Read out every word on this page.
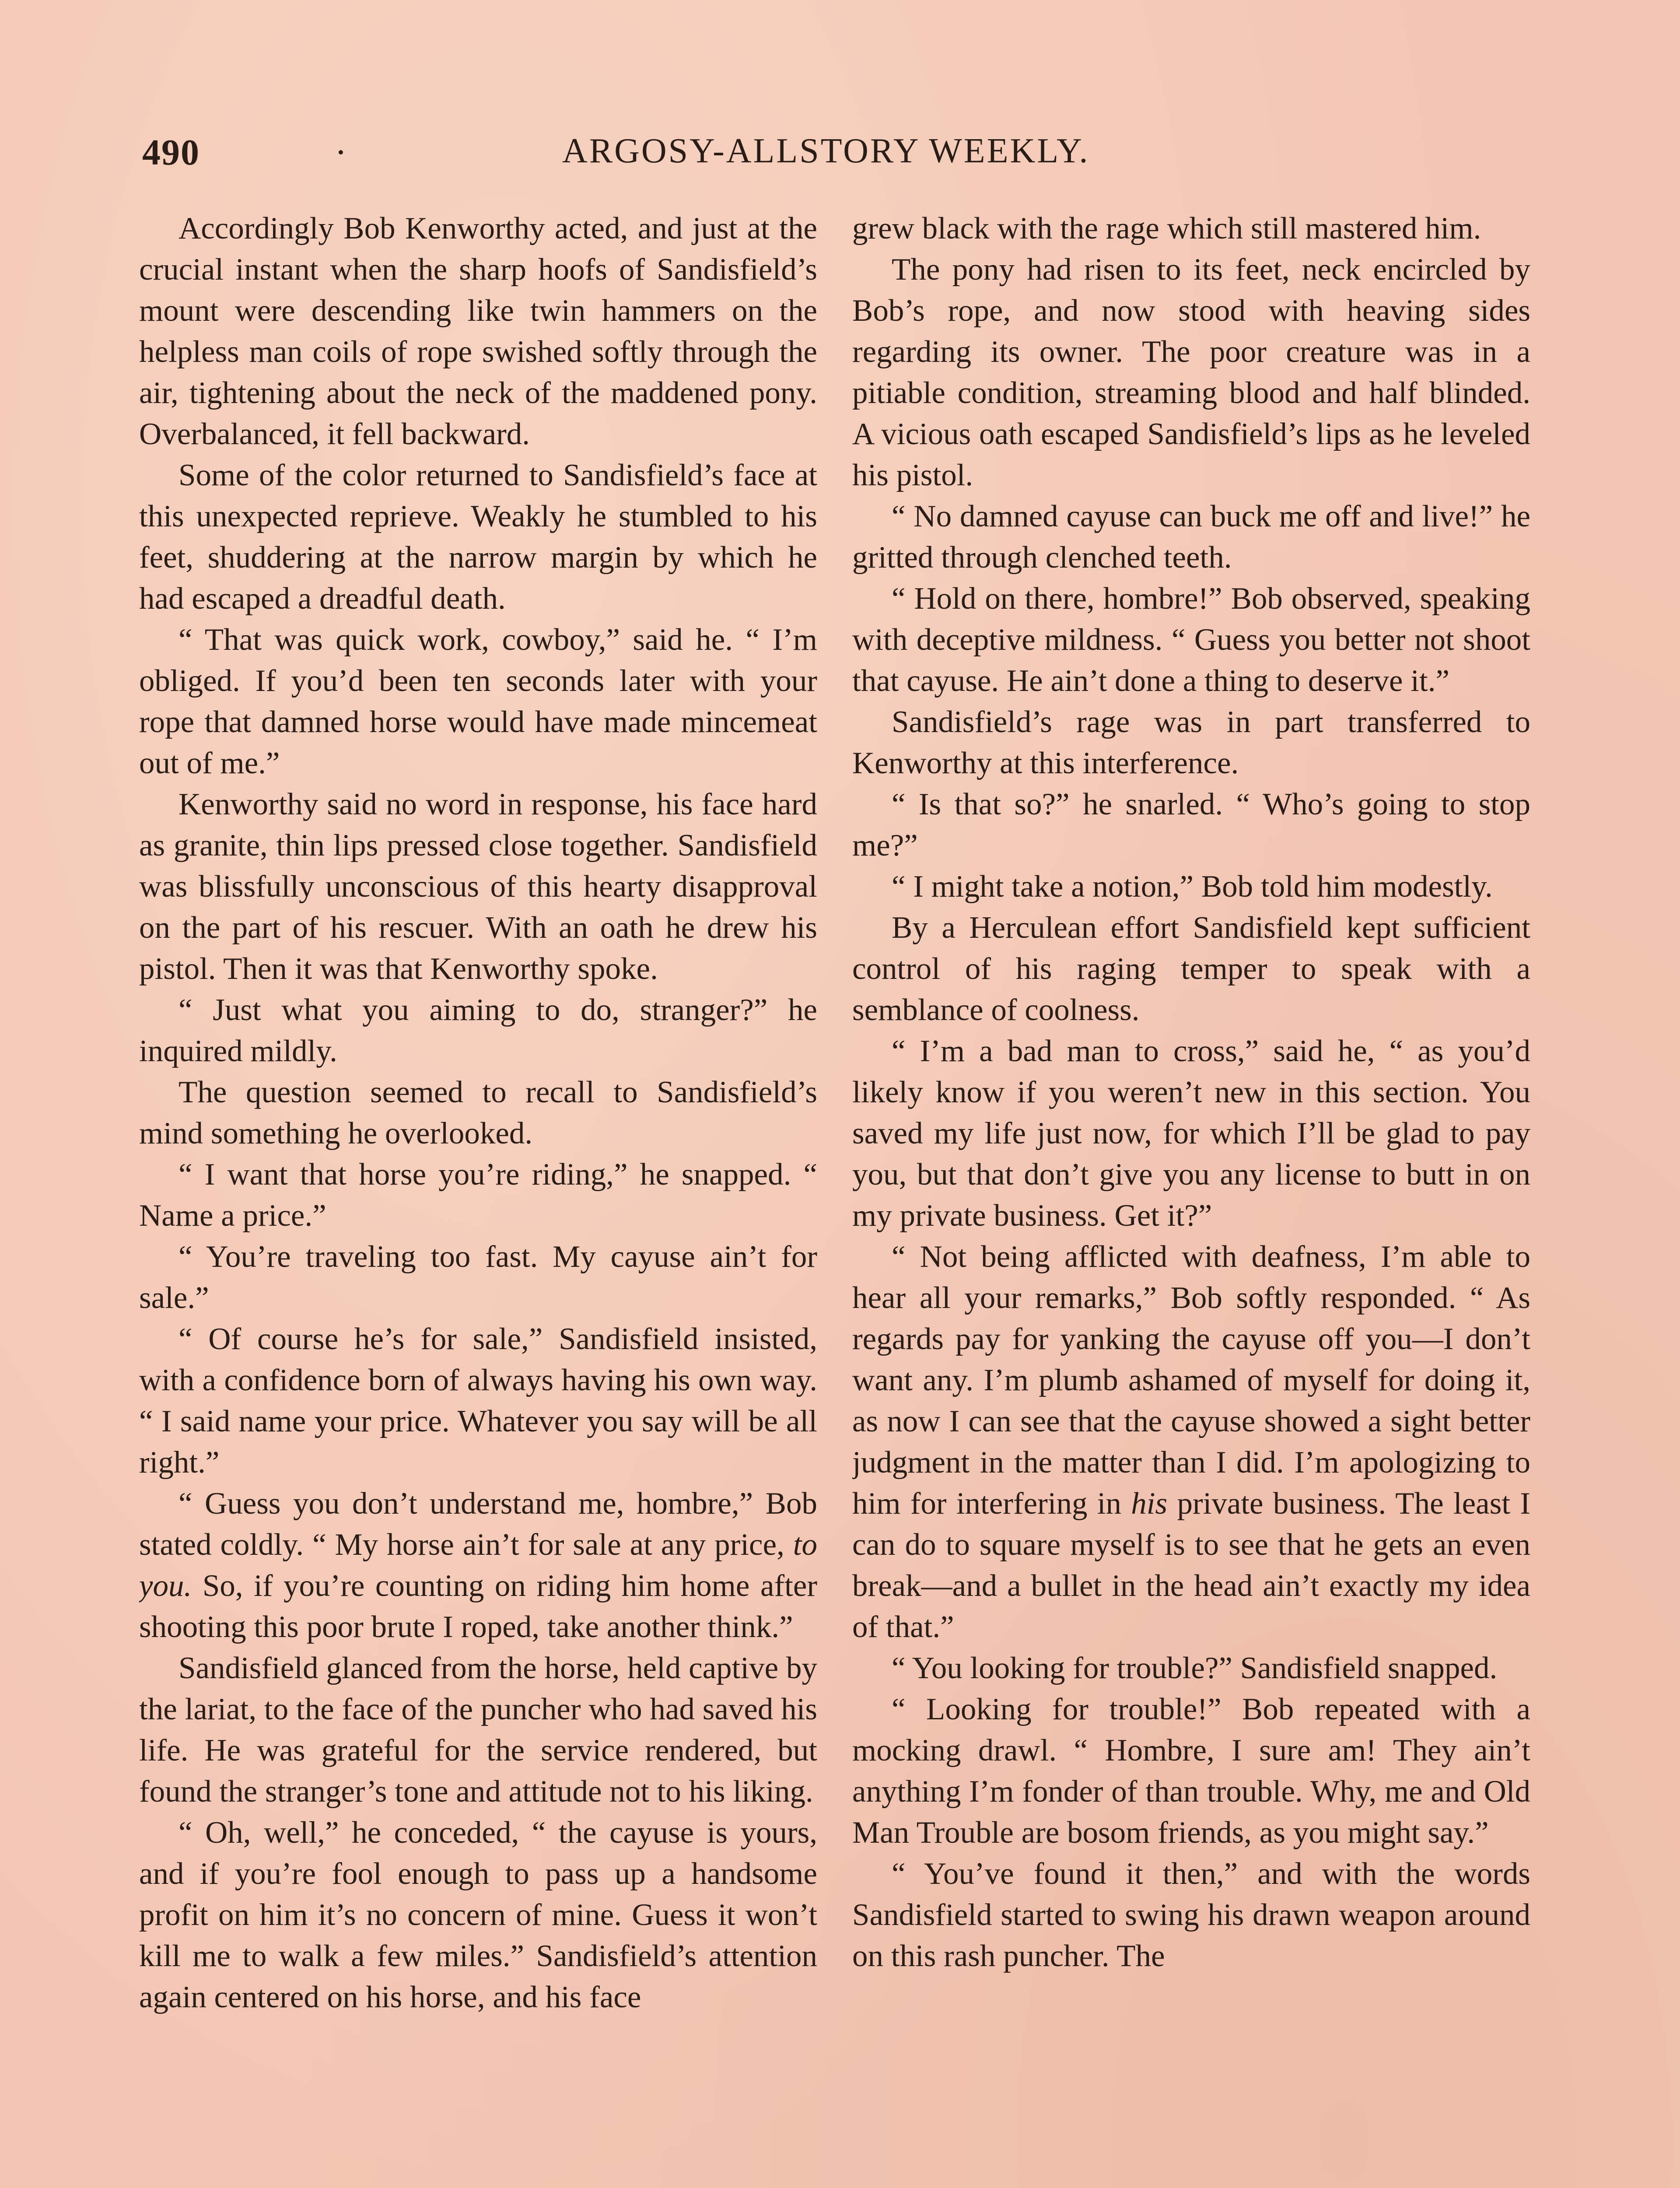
490	·	ARGOSY-ALLSTORY WEEKLY.

Accordingly Bob Kenworthy acted, and just at the crucial instant when the sharp hoofs of Sandisfield’s mount were descending like twin hammers on the helpless man coils of rope swished softly through the air, tightening about the neck of the maddened pony. Overbalanced, it fell backward.

Some of the color returned to Sandisfield’s face at this unexpected reprieve. Weakly he stumbled to his feet, shuddering at the narrow margin by which he had escaped a dreadful death.

“ That was quick work, cowboy,” said he. “ I’m obliged. If you’d been ten seconds later with your rope that damned horse would have made mincemeat out of me.”

Kenworthy said no word in response, his face hard as granite, thin lips pressed close together. Sandisfield was blissfully unconscious of this hearty disapproval on the part of his rescuer. With an oath he drew his pistol. Then it was that Kenworthy spoke.

“ Just what you aiming to do, stranger?” he inquired mildly.

The question seemed to recall to Sandisfield’s mind something he overlooked.

“ I want that horse you’re riding,” he snapped. “ Name a price.”

“ You’re traveling too fast. My cayuse ain’t for sale.”

“ Of course he’s for sale,” Sandisfield insisted, with a confidence born of always having his own way. “ I said name your price. Whatever you say will be all right.”

“ Guess you don’t understand me, hombre,” Bob stated coldly. “ My horse ain’t for sale at any price, to you. So, if you’re counting on riding him home after shooting this poor brute I roped, take another think.”

Sandisfield glanced from the horse, held captive by the lariat, to the face of the puncher who had saved his life. He was grateful for the service rendered, but found the stranger’s tone and attitude not to his liking.

“ Oh, well,” he conceded, “ the cayuse is yours, and if you’re fool enough to pass up a handsome profit on him it’s no concern of mine. Guess it won’t kill me to walk a few miles.” Sandisfield’s attention again centered on his horse, and his face

grew black with the rage which still mastered him.

The pony had risen to its feet, neck encircled by Bob’s rope, and now stood with heaving sides regarding its owner. The poor creature was in a pitiable condition, streaming blood and half blinded. A vicious oath escaped Sandisfield’s lips as he leveled his pistol.

“ No damned cayuse can buck me off and live!” he gritted through clenched teeth.

“ Hold on there, hombre!” Bob observed, speaking with deceptive mildness. “ Guess you better not shoot that cayuse. He ain’t done a thing to deserve it.”

Sandisfield’s rage was in part transferred to Kenworthy at this interference.

“ Is that so?” he snarled. “ Who’s going to stop me?”

“ I might take a notion,” Bob told him modestly.

By a Herculean effort Sandisfield kept sufficient control of his raging temper to speak with a semblance of coolness.

“ I’m a bad man to cross,” said he, “ as you’d likely know if you weren’t new in this section. You saved my life just now, for which I’ll be glad to pay you, but that don’t give you any license to butt in on my private business. Get it?”

“ Not being afflicted with deafness, I’m able to hear all your remarks,” Bob softly responded. “ As regards pay for yanking the cayuse off you—I don’t want any. I’m plumb ashamed of myself for doing it, as now I can see that the cayuse showed a sight better judgment in the matter than I did. I’m apologizing to him for interfering in his private business. The least I can do to square myself is to see that he gets an even break—and a bullet in the head ain’t exactly my idea of that.”

“ You looking for trouble?” Sandisfield snapped.

“ Looking for trouble!” Bob repeated with a mocking drawl. “ Hombre, I sure am! They ain’t anything I’m fonder of than trouble. Why, me and Old Man Trouble are bosom friends, as you might say.”

“ You’ve found it then,” and with the words Sandisfield started to swing his drawn weapon around on this rash puncher. The
